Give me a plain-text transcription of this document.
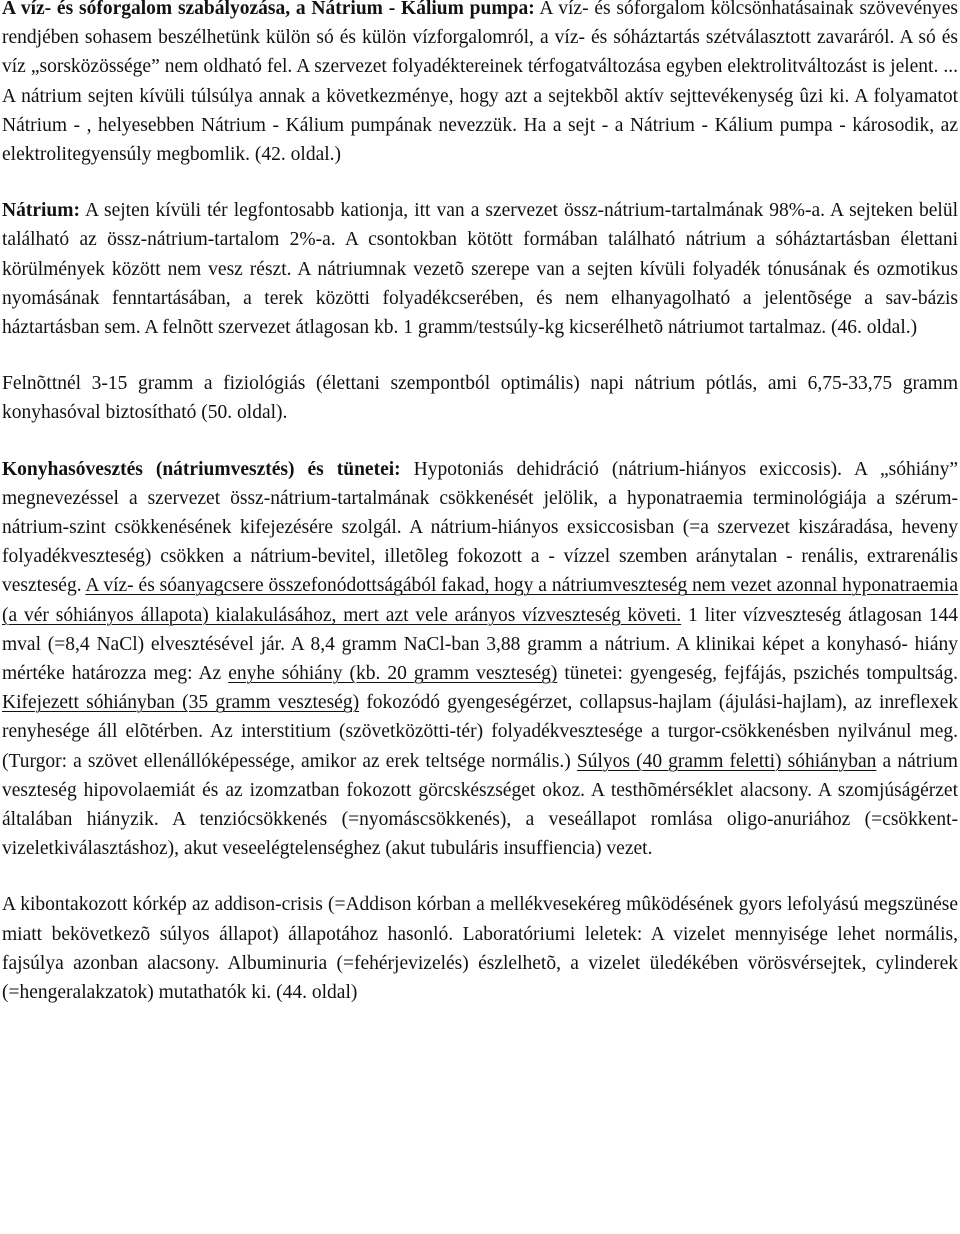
A víz- és sóforgalom szabályozása, a Nátrium - Kálium pumpa: A víz- és sóforgalom kölcsönhatásainak szövevényes rendjében sohasem beszélhetünk külön só és külön vízforgalomról, a víz- és sóháztartás szétválasztott zavaráról. A só és víz „sorsközössége” nem oldható fel. A szervezet folyadéktereinek térfogatváltozása egyben elektrolitváltozást is jelent. ... A nátrium sejten kívüli túlsúlya annak a következménye, hogy azt a sejtekbõl aktív sejttevékenység ûzi ki. A folyamatot Nátrium - , helyesebben Nátrium - Kálium pumpának nevezzük. Ha a sejt - a Nátrium - Kálium pumpa - károsodik, az elektrolitegyensúly megbomlik. (42. oldal.)

Nátrium: A sejten kívüli tér legfontosabb kationja, itt van a szervezet össz-nátrium-tartalmának 98%-a. A sejteken belül található az össz-nátrium-tartalom 2%-a. A csontokban kötött formában található nátrium a sóháztartásban élettani körülmények között nem vesz részt. A nátriumnak vezetõ szerepe van a sejten kívüli folyadék tónusának és ozmotikus nyomásának fenntartásában, a terek közötti folyadékcserében, és nem elhanyagolható a jelentõsége a sav-bázis háztartásban sem. A felnõtt szervezet átlagosan kb. 1 gramm/testsúly-kg kicserélhetõ nátriumot tartalmaz. (46. oldal.)

Felnõttnél 3-15 gramm a fiziológiás (élettani szempontból optimális) napi nátrium pótlás, ami 6,75-33,75 gramm konyhasóval biztosítható (50. oldal).

Konyhasóvesztés (nátriumvesztés) és tünetei: Hypotoniás dehidráció (nátrium-hiányos exiccosis). A „sóhiány” megnevezéssel a szervezet össz-nátrium-tartalmának csökkenését jelölik, a hyponatraemia terminológiája a szérum-nátrium-szint csökkenésének kifejezésére szolgál. A nátrium-hiányos exsiccosisban (=a szervezet kiszáradása, heveny folyadékveszteség) csökken a nátrium-bevitel, illetõleg fokozott a - vízzel szemben aránytalan - renális, extrarenális veszteség. A víz- és sóanyagcsere összefonódottságából fakad, hogy a nátriumveszteség nem vezet azonnal hyponatraemia (a vér sóhiányos állapota) kialakulásához, mert azt vele arányos vízveszteség követi. 1 liter vízveszteség átlagosan 144 mval (=8,4 NaCl) elvesztésével jár. A 8,4 gramm NaCl-ban 3,88 gramm a nátrium. A klinikai képet a konyhasó- hiány mértéke határozza meg: Az enyhe sóhiány (kb. 20 gramm veszteség) tünetei: gyengeség, fejfájás, pszichés tompultság. Kifejezett sóhiányban (35 gramm veszteség) fokozódó gyengeségérzet, collapsus-hajlam (ájulási-hajlam), az inreflexek renyhesége áll elõtérben. Az interstitium (szövetközötti-tér) folyadékvesztesége a turgor-csökkenésben nyilvánul meg. (Turgor: a szövet ellenállóképessége, amikor az erek teltsége normális.) Súlyos (40 gramm feletti) sóhiányban a nátrium veszteség hipovolaemiát és az izomzatban fokozott görcskészséget okoz. A testhõmérséklet alacsony. A szomjúságérzet általában hiányzik. A tenziócsökkenés (=nyomáscsökkenés), a veseállapot romlása oligo-anuriához (=csökkent-vizeletkiválasztáshoz), akut veseelégtelenséghez (akut tubuláris insuffiencia) vezet.

A kibontakozott kórkép az addison-crisis (=Addison kórban a mellékvesekéreg mûködésének gyors lefolyású megszünése miatt bekövetkezõ súlyos állapot) állapotához hasonló. Laboratóriumi leletek: A vizelet mennyisége lehet normális, fajsúlya azonban alacsony. Albuminuria (=fehérjevizelés) észlelhetõ, a vizelet üledékében vörösvérsejtek, cylinderek (=hengeralakzatok) mutathatók ki. (44. oldal)
